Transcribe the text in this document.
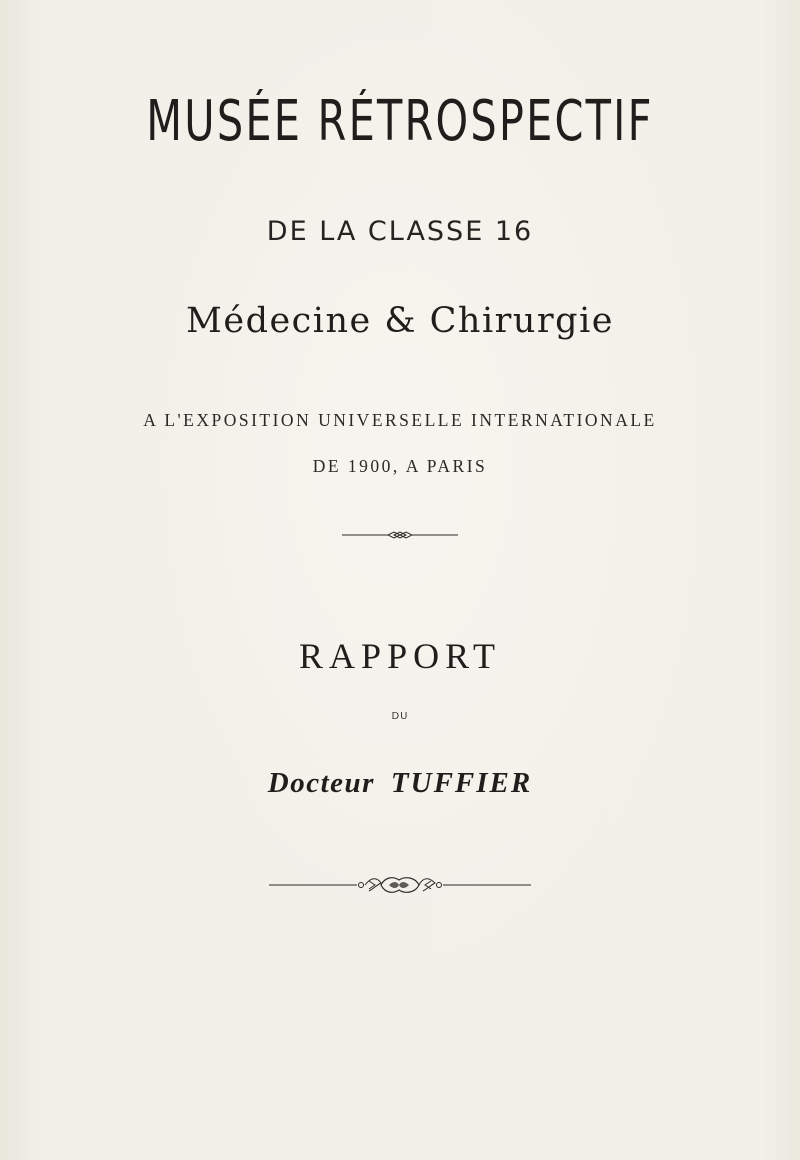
MUSÉE RÉTROSPECTIF
DE LA CLASSE 16
Médecine & Chirurgie
A L'EXPOSITION UNIVERSELLE INTERNATIONALE
DE 1900, A PARIS
RAPPORT
DU
Docteur TUFFIER
